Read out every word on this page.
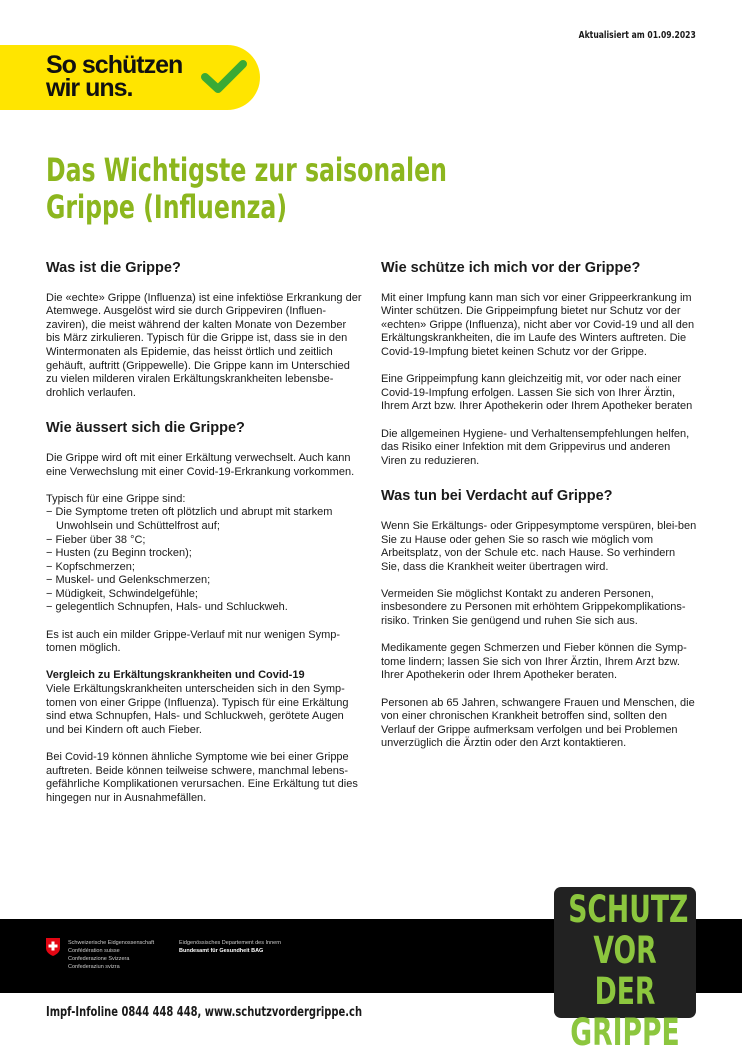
Aktualisiert am 01.09.2023
So schützen
wir uns.
Das Wichtigste zur saisonalen Grippe (Influenza)
Was ist die Grippe?

Die «echte» Grippe (Influenza) ist eine infektiöse Erkrankung der Atemwege. Ausgelöst wird sie durch Grippeviren (Influen-zaviren), die meist während der kalten Monate von Dezember bis März zirkulieren. Typisch für die Grippe ist, dass sie in den Wintermonaten als Epidemie, das heisst örtlich und zeitlich gehäuft, auftritt (Grippewelle). Die Grippe kann im Unterschied zu vielen milderen viralen Erkältungskrankheiten lebensbe-drohlich verlaufen.

Wie äussert sich die Grippe?

Die Grippe wird oft mit einer Erkältung verwechselt. Auch kann eine Verwechslung mit einer Covid-19-Erkrankung vorkommen.

Typisch für eine Grippe sind:
− Die Symptome treten oft plötzlich und abrupt mit starkem Unwohlsein und Schüttelfrost auf;
− Fieber über 38 °C;
− Husten (zu Beginn trocken);
− Kopfschmerzen;
− Muskel- und Gelenkschmerzen;
− Müdigkeit, Schwindelgefühle;
− gelegentlich Schnupfen, Hals- und Schluckweh.

Es ist auch ein milder Grippe-Verlauf mit nur wenigen Symp-tomen möglich.

Vergleich zu Erkältungskrankheiten und Covid-19
Viele Erkältungskrankheiten unterscheiden sich in den Symp-tomen von einer Grippe (Influenza). Typisch für eine Erkältung sind etwa Schnupfen, Hals- und Schluckweh, gerötete Augen und bei Kindern oft auch Fieber.

Bei Covid-19 können ähnliche Symptome wie bei einer Grippe auftreten. Beide können teilweise schwere, manchmal lebens-gefährliche Komplikationen verursachen. Eine Erkältung tut dies hingegen nur in Ausnahmefällen.

Wie schütze ich mich vor der Grippe?

Mit einer Impfung kann man sich vor einer Grippeerkrankung im Winter schützen. Die Grippeimpfung bietet nur Schutz vor der «echten» Grippe (Influenza), nicht aber vor Covid-19 und all den Erkältungskrankheiten, die im Laufe des Winters auftreten. Die Covid-19-Impfung bietet keinen Schutz vor der Grippe.

Eine Grippeimpfung kann gleichzeitig mit, vor oder nach einer Covid-19-Impfung erfolgen. Lassen Sie sich von Ihrer Ärztin, Ihrem Arzt bzw. Ihrer Apothekerin oder Ihrem Apotheker beraten

Die allgemeinen Hygiene- und Verhaltensempfehlungen helfen, das Risiko einer Infektion mit dem Grippevirus und anderen Viren zu reduzieren.

Was tun bei Verdacht auf Grippe?

Wenn Sie Erkältungs- oder Grippesymptome verspüren, blei-ben Sie zu Hause oder gehen Sie so rasch wie möglich vom Arbeitsplatz, von der Schule etc. nach Hause. So verhindern Sie, dass die Krankheit weiter übertragen wird.

Vermeiden Sie möglichst Kontakt zu anderen Personen, insbesondere zu Personen mit erhöhtem Grippekomplikations-risiko. Trinken Sie genügend und ruhen Sie sich aus.

Medikamente gegen Schmerzen und Fieber können die Symp-tome lindern; lassen Sie sich von Ihrer Ärztin, Ihrem Arzt bzw. Ihrer Apothekerin oder Ihrem Apotheker beraten.

Personen ab 65 Jahren, schwangere Frauen und Menschen, die von einer chronischen Krankheit betroffen sind, sollten den Verlauf der Grippe aufmerksam verfolgen und bei Problemen unverzüglich die Ärztin oder den Arzt kontaktieren.

Schweizerische Eidgenossenschaft
Confédération suisse
Confederazione Svizzera
Confederaziun svizra
Eidgenössisches Departement des Innern
Bundesamt für Gesundheit BAG
SCHUTZ
VOR DER
GRIPPE
Impf-Infoline 0844 448 448, www.schutzvordergrippe.ch
